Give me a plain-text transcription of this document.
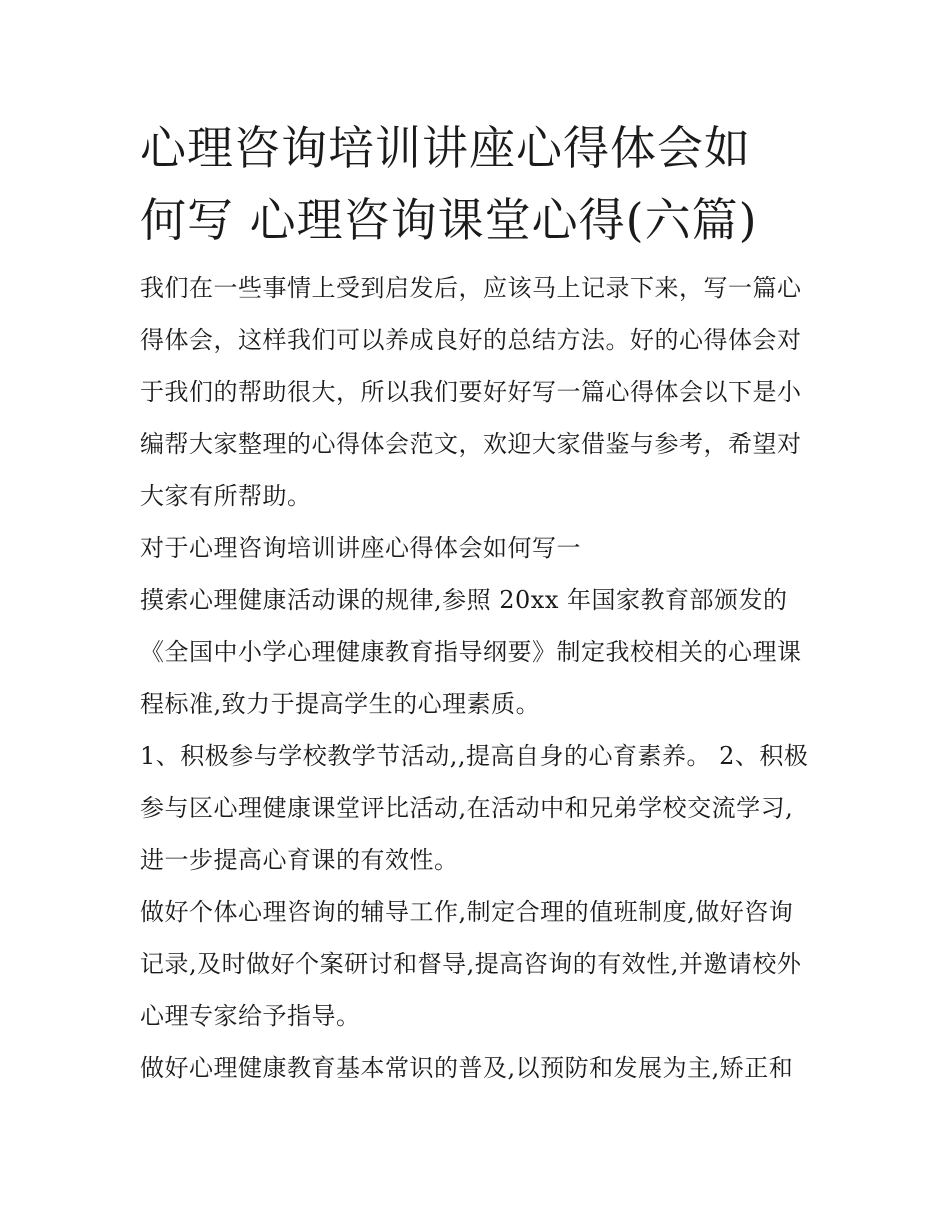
心理咨询培训讲座心得体会如
何写 心理咨询课堂心得(六篇)

我们在一些事情上受到启发后，应该马上记录下来，写一篇心
得体会，这样我们可以养成良好的总结方法。好的心得体会对
于我们的帮助很大，所以我们要好好写一篇心得体会以下是小
编帮大家整理的心得体会范文，欢迎大家借鉴与参考，希望对
大家有所帮助。

对于心理咨询培训讲座心得体会如何写一

摸索心理健康活动课的规律,参照 20xx 年国家教育部颁发的
《全国中小学心理健康教育指导纲要》制定我校相关的心理课
程标准,致力于提高学生的心理素质。

1、积极参与学校教学节活动,,提高自身的心育素养。 2、积极
参与区心理健康课堂评比活动,在活动中和兄弟学校交流学习,
进一步提高心育课的有效性。

做好个体心理咨询的辅导工作,制定合理的值班制度,做好咨询
记录,及时做好个案研讨和督导,提高咨询的有效性,并邀请校外
心理专家给予指导。

做好心理健康教育基本常识的普及,以预防和发展为主,矫正和
